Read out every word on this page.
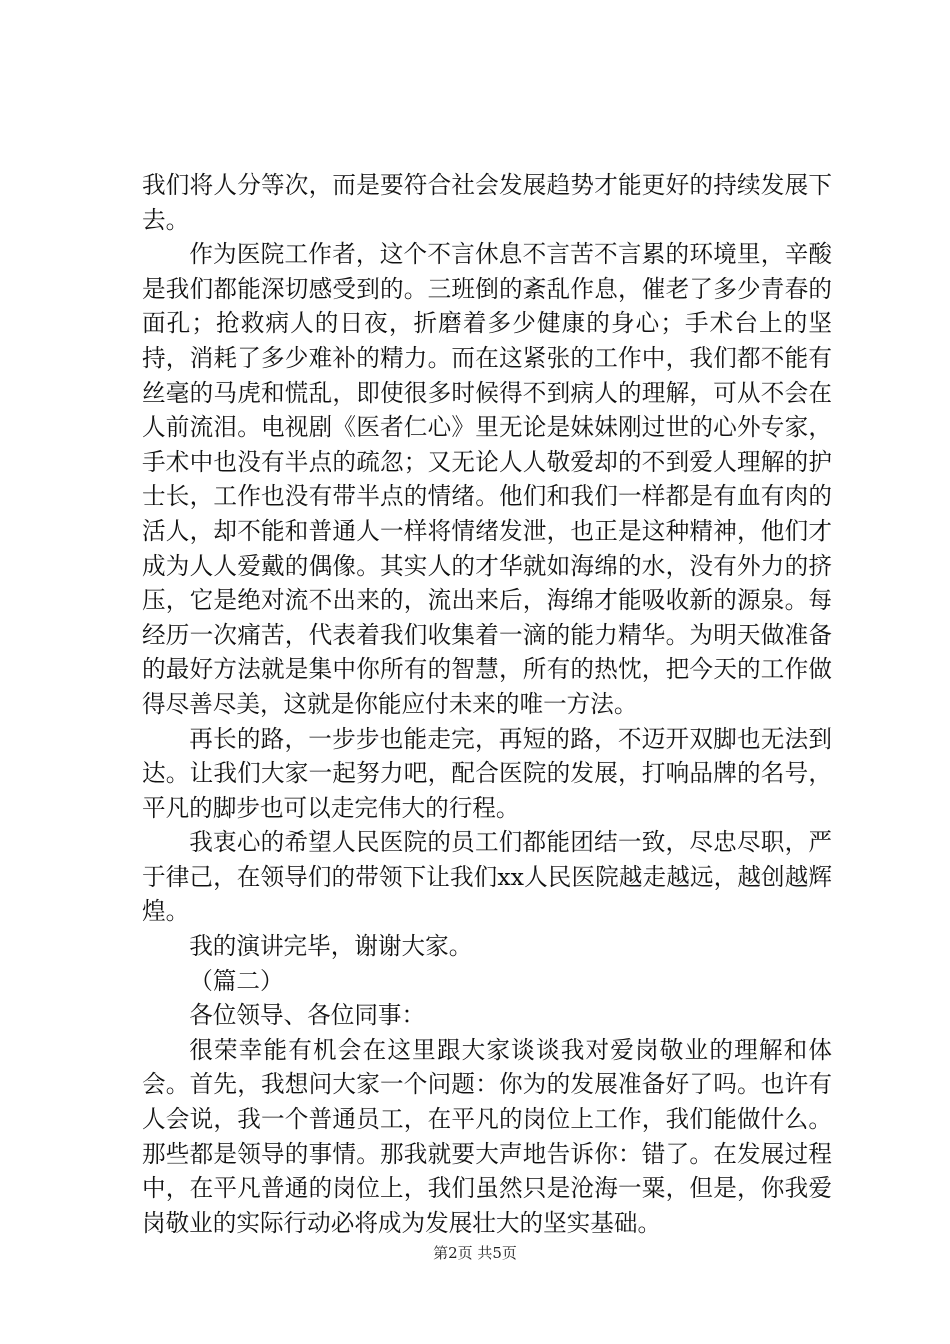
我们将人分等次，而是要符合社会发展趋势才能更好的持续发展下去。

作为医院工作者，这个不言休息不言苦不言累的环境里，辛酸是我们都能深切感受到的。三班倒的紊乱作息，催老了多少青春的面孔；抢救病人的日夜，折磨着多少健康的身心；手术台上的坚持，消耗了多少难补的精力。而在这紧张的工作中，我们都不能有丝毫的马虎和慌乱，即使很多时候得不到病人的理解，可从不会在人前流泪。电视剧《医者仁心》里无论是妹妹刚过世的心外专家，手术中也没有半点的疏忽；又无论人人敬爱却的不到爱人理解的护士长，工作也没有带半点的情绪。他们和我们一样都是有血有肉的活人，却不能和普通人一样将情绪发泄，也正是这种精神，他们才成为人人爱戴的偶像。其实人的才华就如海绵的水，没有外力的挤压，它是绝对流不出来的，流出来后，海绵才能吸收新的源泉。每经历一次痛苦，代表着我们收集着一滴的能力精华。为明天做准备的最好方法就是集中你所有的智慧，所有的热忱，把今天的工作做得尽善尽美，这就是你能应付未来的唯一方法。

再长的路，一步步也能走完，再短的路，不迈开双脚也无法到达。让我们大家一起努力吧，配合医院的发展，打响品牌的名号，平凡的脚步也可以走完伟大的行程。

我衷心的希望人民医院的员工们都能团结一致，尽忠尽职，严于律己，在领导们的带领下让我们xx人民医院越走越远，越创越辉煌。

我的演讲完毕，谢谢大家。

（篇二）

各位领导、各位同事：

很荣幸能有机会在这里跟大家谈谈我对爱岗敬业的理解和体会。首先，我想问大家一个问题：你为的发展准备好了吗。也许有人会说，我一个普通员工，在平凡的岗位上工作，我们能做什么。那些都是领导的事情。那我就要大声地告诉你：错了。在发展过程中，在平凡普通的岗位上，我们虽然只是沧海一粟，但是，你我爱岗敬业的实际行动必将成为发展壮大的坚实基础。

第2页 共5页
